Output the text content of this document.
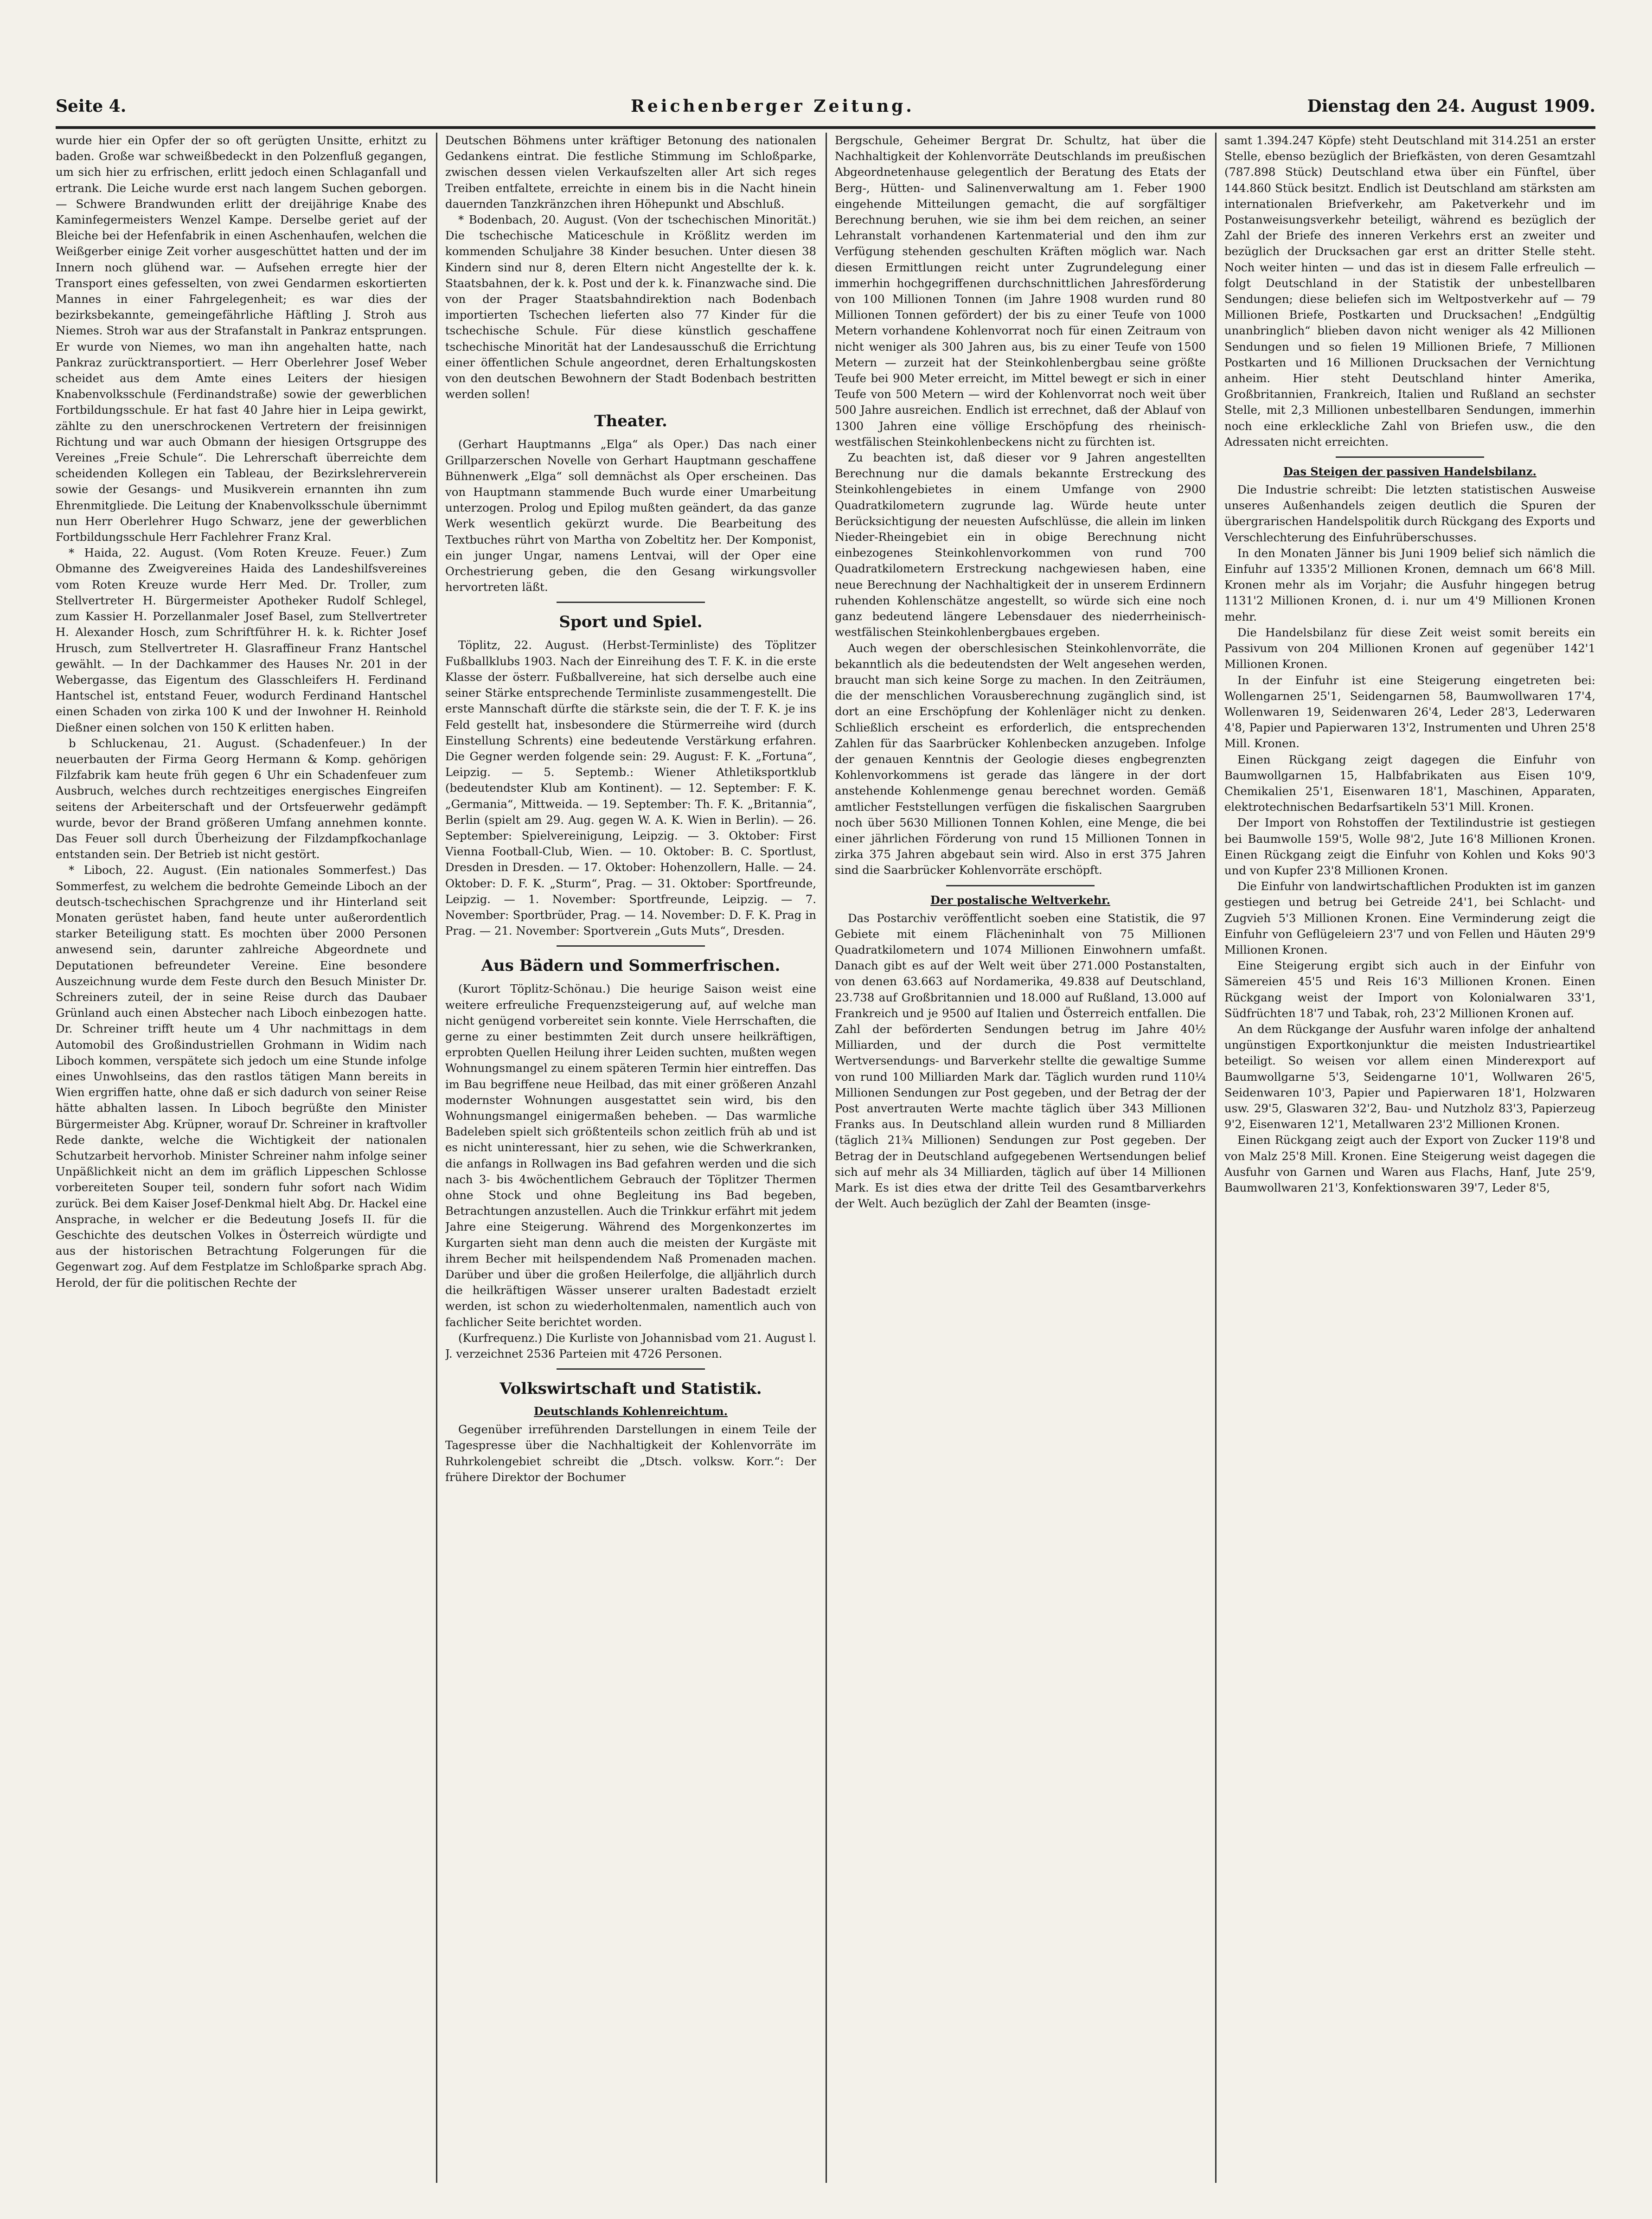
Seite 4.	Reichenberger Zeitung.	Dienstag den 24. August 1909.

wurde hier ein Opfer der so oft gerügten Unsitte, erhitzt zu baden. Große war schweißbedeckt in den Polzenfluß gegangen, um sich hier zu erfrischen, erlitt jedoch einen Schlaganfall und ertrank. Die Leiche wurde erst nach langem Suchen geborgen. — Schwere Brandwunden erlitt der dreijährige Knabe des Kaminfegermeisters Wenzel Kampe. Derselbe geriet auf der Bleiche bei der Hefenfabrik in einen Aschenhaufen, welchen die Weißgerber einige Zeit vorher ausgeschüttet hatten und der im Innern noch glühend war. — Aufsehen erregte hier der Transport eines gefesselten, von zwei Gendarmen eskortierten Mannes in einer Fahrgelegenheit; es war dies der bezirksbekannte, gemeingefährliche Häftling J. Stroh aus Niemes. Stroh war aus der Strafanstalt in Pankraz entsprungen. Er wurde von Niemes, wo man ihn angehalten hatte, nach Pankraz zurücktransportiert. — Herr Oberlehrer Josef Weber scheidet aus dem Amte eines Leiters der hiesigen Knabenvolksschule (Ferdinandstraße) sowie der gewerblichen Fortbildungsschule. Er hat fast 40 Jahre hier in Leipa gewirkt, zählte zu den unerschrockenen Vertretern der freisinnigen Richtung und war auch Obmann der hiesigen Ortsgruppe des Vereines „Freie Schule“. Die Lehrerschaft überreichte dem scheidenden Kollegen ein Tableau, der Bezirkslehrerverein sowie der Gesangs- und Musikverein ernannten ihn zum Ehrenmitgliede. Die Leitung der Knabenvolksschule übernimmt nun Herr Oberlehrer Hugo Schwarz, jene der gewerblichen Fortbildungsschule Herr Fachlehrer Franz Kral.

* Haida, 22. August. (Vom Roten Kreuze. Feuer.) Zum Obmanne des Zweigvereines Haida des Landeshilfsvereines vom Roten Kreuze wurde Herr Med. Dr. Troller, zum Stellvertreter H. Bürgermeister Apotheker Rudolf Schlegel, zum Kassier H. Porzellanmaler Josef Basel, zum Stellvertreter H. Alexander Hosch, zum Schriftführer H. k. k. Richter Josef Hrusch, zum Stellvertreter H. Glasraffineur Franz Hantschel gewählt. — In der Dachkammer des Hauses Nr. 201 in der Webergasse, das Eigentum des Glasschleifers H. Ferdinand Hantschel ist, entstand Feuer, wodurch Ferdinand Hantschel einen Schaden von zirka 100 K und der Inwohner H. Reinhold Dießner einen solchen von 150 K erlitten haben.

b Schluckenau, 21. August. (Schadenfeuer.) In der neuerbauten der Firma Georg Hermann & Komp. gehörigen Filzfabrik kam heute früh gegen 6 Uhr ein Schadenfeuer zum Ausbruch, welches durch rechtzeitiges energisches Eingreifen seitens der Arbeiterschaft und der Ortsfeuerwehr gedämpft wurde, bevor der Brand größeren Umfang annehmen konnte. Das Feuer soll durch Überheizung der Filzdampfkochanlage entstanden sein. Der Betrieb ist nicht gestört.

* Liboch, 22. August. (Ein nationales Sommerfest.) Das Sommerfest, zu welchem die bedrohte Gemeinde Liboch an der deutsch-tschechischen Sprachgrenze und ihr Hinterland seit Monaten gerüstet haben, fand heute unter außerordentlich starker Beteiligung statt. Es mochten über 2000 Personen anwesend sein, darunter zahlreiche Abgeordnete und Deputationen befreundeter Vereine. Eine besondere Auszeichnung wurde dem Feste durch den Besuch Minister Dr. Schreiners zuteil, der in seine Reise durch das Daubaer Grünland auch einen Abstecher nach Liboch einbezogen hatte. Dr. Schreiner trifft heute um 4 Uhr nachmittags in dem Automobil des Großindustriellen Grohmann in Widim nach Liboch kommen, verspätete sich jedoch um eine Stunde infolge eines Unwohlseins, das den rastlos tätigen Mann bereits in Wien ergriffen hatte, ohne daß er sich dadurch von seiner Reise hätte abhalten lassen. In Liboch begrüßte den Minister Bürgermeister Abg. Krüpner, worauf Dr. Schreiner in kraftvoller Rede dankte, welche die Wichtigkeit der nationalen Schutzarbeit hervorhob. Minister Schreiner nahm infolge seiner Unpäßlichkeit nicht an dem im gräflich Lippeschen Schlosse vorbereiteten Souper teil, sondern fuhr sofort nach Widim zurück. Bei dem Kaiser Josef-Denkmal hielt Abg. Dr. Hackel eine Ansprache, in welcher er die Bedeutung Josefs II. für die Geschichte des deutschen Volkes in Österreich würdigte und aus der historischen Betrachtung Folgerungen für die Gegenwart zog. Auf dem Festplatze im Schloßparke sprach Abg. Herold, der für die politischen Rechte der

Deutschen Böhmens unter kräftiger Betonung des nationalen Gedankens eintrat. Die festliche Stimmung im Schloßparke, zwischen dessen vielen Verkaufszelten aller Art sich reges Treiben entfaltete, erreichte in einem bis in die Nacht hinein dauernden Tanzkränzchen ihren Höhepunkt und Abschluß.

* Bodenbach, 20. August. (Von der tschechischen Minorität.) Die tschechische Maticeschule in Krößlitz werden im kommenden Schuljahre 38 Kinder besuchen. Unter diesen 38 Kindern sind nur 8, deren Eltern nicht Angestellte der k. k. Staatsbahnen, der k. k. Post und der k. k. Finanzwache sind. Die von der Prager Staatsbahndirektion nach Bodenbach importierten Tschechen lieferten also 77 Kinder für die tschechische Schule. Für diese künstlich geschaffene tschechische Minorität hat der Landesausschuß die Errichtung einer öffentlichen Schule angeordnet, deren Erhaltungskosten von den deutschen Bewohnern der Stadt Bodenbach bestritten werden sollen!

Theater.

(Gerhart Hauptmanns „Elga“ als Oper.) Das nach einer Grillparzerschen Novelle von Gerhart Hauptmann geschaffene Bühnenwerk „Elga“ soll demnächst als Oper erscheinen. Das von Hauptmann stammende Buch wurde einer Umarbeitung unterzogen. Prolog und Epilog mußten geändert, da das ganze Werk wesentlich gekürzt wurde. Die Bearbeitung des Textbuches rührt von Martha von Zobeltitz her. Der Komponist, ein junger Ungar, namens Lentvai, will der Oper eine Orchestrierung geben, die den Gesang wirkungsvoller hervortreten läßt.

Sport und Spiel.

Töplitz, 22. August. (Herbst-Terminliste) des Töplitzer Fußballklubs 1903. Nach der Einreihung des T. F. K. in die erste Klasse der österr. Fußballvereine, hat sich derselbe auch eine seiner Stärke entsprechende Terminliste zusammengestellt. Die erste Mannschaft dürfte die stärkste sein, die der T. F. K. je ins Feld gestellt hat, insbesondere die Stürmerreihe wird (durch Einstellung Schrents) eine bedeutende Verstärkung erfahren. Die Gegner werden folgende sein: 29. August: F. K. „Fortuna“, Leipzig. — 5. Septemb.: Wiener Athletiksportklub (bedeutendster Klub am Kontinent). — 12. September: F. K. „Germania“, Mittweida. — 19. September: Th. F. K. „Britannia“, Berlin (spielt am 29. Aug. gegen W. A. K. Wien in Berlin). — 26. September: Spielvereinigung, Leipzig. — 3. Oktober: First Vienna Football-Club, Wien. — 10. Oktober: B. C. Sportlust, Dresden in Dresden. — 17. Oktober: Hohenzollern, Halle. — 24. Oktober: D. F. K. „Sturm“, Prag. — 31. Oktober: Sportfreunde, Leipzig. — 1. November: Sportfreunde, Leipzig. — 7. November: Sportbrüder, Prag. — 14. November: D. F. K. Prag in Prag. — 21. November: Sportverein „Guts Muts“, Dresden.

Aus Bädern und Sommerfrischen.

(Kurort Töplitz-Schönau.) Die heurige Saison weist eine weitere erfreuliche Frequenzsteigerung auf, auf welche man nicht genügend vorbereitet sein konnte. Viele Herrschaften, die gerne zu einer bestimmten Zeit durch unsere heilkräftigen, erprobten Quellen Heilung ihrer Leiden suchten, mußten wegen Wohnungsmangel zu einem späteren Termin hier eintreffen. Das im Bau begriffene neue Heilbad, das mit einer größeren Anzahl modernster Wohnungen ausgestattet sein wird, bis den Wohnungsmangel einigermaßen beheben. — Das warmliche Badeleben spielt sich größtenteils schon zeitlich früh ab und ist es nicht uninteressant, hier zu sehen, wie die Schwerkranken, die anfangs in Rollwagen ins Bad gefahren werden und die sich nach 3- bis 4wöchentlichem Gebrauch der Töplitzer Thermen ohne Stock und ohne Begleitung ins Bad begeben, Betrachtungen anzustellen. Auch die Trinkkur erfährt mit jedem Jahre eine Steigerung. Während des Morgenkonzertes im Kurgarten sieht man denn auch die meisten der Kurgäste mit ihrem Becher mit heilspendendem Naß Promenaden machen. Darüber und über die großen Heilerfolge, die alljährlich durch die heilkräftigen Wässer unserer uralten Badestadt erzielt werden, ist schon zu wiederholtenmalen, namentlich auch von fachlicher Seite berichtet worden.

(Kurfrequenz.) Die Kurliste von Johannisbad vom 21. August l. J. verzeichnet 2536 Parteien mit 4726 Personen.

Volkswirtschaft und Statistik.
Deutschlands Kohlenreichtum.

Gegenüber irreführenden Darstellungen in einem Teile der Tagespresse über die Nachhaltigkeit der Kohlenvorräte im Ruhrkolengebiet schreibt die „Dtsch. volksw. Korr.“: Der frühere Direktor der Bochumer

Bergschule, Geheimer Bergrat Dr. Schultz, hat über die Nachhaltigkeit der Kohlenvorräte Deutschlands im preußischen Abgeordnetenhause gelegentlich der Beratung des Etats der Berg-, Hütten- und Salinenverwaltung am 1. Feber 1900 eingehende Mitteilungen gemacht, die auf sorgfältiger Berechnung beruhen, wie sie ihm bei dem reichen, an seiner Lehranstalt vorhandenen Kartenmaterial und den ihm zur Verfügung stehenden geschulten Kräften möglich war. Nach diesen Ermittlungen reicht unter Zugrundelegung einer immerhin hochgegriffenen durchschnittlichen Jahresförderung von 100 Millionen Tonnen (im Jahre 1908 wurden rund 80 Millionen Tonnen gefördert) der bis zu einer Teufe von 1000 Metern vorhandene Kohlenvorrat noch für einen Zeitraum von nicht weniger als 300 Jahren aus, bis zu einer Teufe von 1500 Metern — zurzeit hat der Steinkohlenbergbau seine größte Teufe bei 900 Meter erreicht, im Mittel bewegt er sich in einer Teufe von 500 Metern — wird der Kohlenvorrat noch weit über 500 Jahre ausreichen. Endlich ist errechnet, daß der Ablauf von 1300 Jahren eine völlige Erschöpfung des rheinisch-westfälischen Steinkohlenbeckens nicht zu fürchten ist.

Zu beachten ist, daß dieser vor 9 Jahren angestellten Berechnung nur die damals bekannte Erstreckung des Steinkohlengebietes in einem Umfange von 2900 Quadratkilometern zugrunde lag. Würde heute unter Berücksichtigung der neuesten Aufschlüsse, die allein im linken Nieder-Rheingebiet ein in obige Berechnung nicht einbezogenes Steinkohlenvorkommen von rund 700 Quadratkilometern Erstreckung nachgewiesen haben, eine neue Berechnung der Nachhaltigkeit der in unserem Erdinnern ruhenden Kohlenschätze angestellt, so würde sich eine noch ganz bedeutend längere Lebensdauer des niederrheinisch-westfälischen Steinkohlenbergbaues ergeben.

Auch wegen der oberschlesischen Steinkohlenvorräte, die bekanntlich als die bedeutendsten der Welt angesehen werden, braucht man sich keine Sorge zu machen. In den Zeiträumen, die der menschlichen Vorausberechnung zugänglich sind, ist dort an eine Erschöpfung der Kohlenläger nicht zu denken. Schließlich erscheint es erforderlich, die entsprechenden Zahlen für das Saarbrücker Kohlenbecken anzugeben. Infolge der genauen Kenntnis der Geologie dieses engbegrenzten Kohlenvorkommens ist gerade das längere in der dort anstehende Kohlenmenge genau berechnet worden. Gemäß amtlicher Feststellungen verfügen die fiskalischen Saargruben noch über 5630 Millionen Tonnen Kohlen, eine Menge, die bei einer jährlichen Förderung von rund 15 Millionen Tonnen in zirka 375 Jahren abgebaut sein wird. Also in erst 375 Jahren sind die Saarbrücker Kohlenvorräte erschöpft.

Der postalische Weltverkehr.

Das Postarchiv veröffentlicht soeben eine Statistik, die 97 Gebiete mit einem Flächeninhalt von 75 Millionen Quadratkilometern und 1074 Millionen Einwohnern umfaßt. Danach gibt es auf der Welt weit über 271.000 Postanstalten, von denen 63.663 auf Nordamerika, 49.838 auf Deutschland, 23.738 auf Großbritannien und 18.000 auf Rußland, 13.000 auf Frankreich und je 9500 auf Italien und Österreich entfallen. Die Zahl der beförderten Sendungen betrug im Jahre 40½ Milliarden, und der durch die Post vermittelte Wertversendungs- und Barverkehr stellte die gewaltige Summe von rund 100 Milliarden Mark dar. Täglich wurden rund 110¼ Millionen Sendungen zur Post gegeben, und der Betrag der der Post anvertrauten Werte machte täglich über 343 Millionen Franks aus. In Deutschland allein wurden rund 8 Milliarden (täglich 21¾ Millionen) Sendungen zur Post gegeben. Der Betrag der in Deutschland aufgegebenen Wertsendungen belief sich auf mehr als 34 Milliarden, täglich auf über 14 Millionen Mark. Es ist dies etwa der dritte Teil des Gesamtbarverkehrs der Welt. Auch bezüglich der Zahl der Beamten (insge-

samt 1.394.247 Köpfe) steht Deutschland mit 314.251 an erster Stelle, ebenso bezüglich der Briefkästen, von deren Gesamtzahl (787.898 Stück) Deutschland etwa über ein Fünftel, über 144.860 Stück besitzt. Endlich ist Deutschland am stärksten am internationalen Briefverkehr, am Paketverkehr und im Postanweisungsverkehr beteiligt, während es bezüglich der Zahl der Briefe des inneren Verkehrs erst an zweiter und bezüglich der Drucksachen gar erst an dritter Stelle steht. Noch weiter hinten — und das ist in diesem Falle erfreulich — folgt Deutschland in der Statistik der unbestellbaren Sendungen; diese beliefen sich im Weltpostverkehr auf — 79 Millionen Briefe, Postkarten und Drucksachen! „Endgültig unanbringlich“ blieben davon nicht weniger als 42 Millionen Sendungen und so fielen 19 Millionen Briefe, 7 Millionen Postkarten und 16 Millionen Drucksachen der Vernichtung anheim. Hier steht Deutschland hinter Amerika, Großbritannien, Frankreich, Italien und Rußland an sechster Stelle, mit 2,3 Millionen unbestellbaren Sendungen, immerhin noch eine erkleckliche Zahl von Briefen usw., die den Adressaten nicht erreichten.

Das Steigen der passiven Handelsbilanz.

Die Industrie schreibt: Die letzten statistischen Ausweise unseres Außenhandels zeigen deutlich die Spuren der übergrarischen Handelspolitik durch Rückgang des Exports und Verschlechterung des Einfuhrüberschusses.

In den Monaten Jänner bis Juni 1909 belief sich nämlich die Einfuhr auf 1335'2 Millionen Kronen, demnach um 66'8 Mill. Kronen mehr als im Vorjahr; die Ausfuhr hingegen betrug 1131'2 Millionen Kronen, d. i. nur um 4'9 Millionen Kronen mehr.

Die Handelsbilanz für diese Zeit weist somit bereits ein Passivum von 204 Millionen Kronen auf gegenüber 142'1 Millionen Kronen.

In der Einfuhr ist eine Steigerung eingetreten bei: Wollengarnen 25'1, Seidengarnen 58, Baumwollwaren 17'4, Wollenwaren 19, Seidenwaren 26'4, Leder 28'3, Lederwaren 4'8, Papier und Papierwaren 13'2, Instrumenten und Uhren 25'8 Mill. Kronen.

Einen Rückgang zeigt dagegen die Einfuhr von Baumwollgarnen 15, Halbfabrikaten aus Eisen 10'9, Chemikalien 25'1, Eisenwaren 18'1, Maschinen, Apparaten, elektrotechnischen Bedarfsartikeln 53'1 Mill. Kronen.

Der Import von Rohstoffen der Textilindustrie ist gestiegen bei Baumwolle 159'5, Wolle 98'2, Jute 16'8 Millionen Kronen. Einen Rückgang zeigt die Einfuhr von Kohlen und Koks 90'3 und von Kupfer 23'8 Millionen Kronen.

Die Einfuhr von landwirtschaftlichen Produkten ist im ganzen gestiegen und betrug bei Getreide 24'1, bei Schlacht- und Zugvieh 5'3 Millionen Kronen. Eine Verminderung zeigt die Einfuhr von Geflügeleiern 23'7 und von Fellen und Häuten 29'9 Millionen Kronen.

Eine Steigerung ergibt sich auch in der Einfuhr von Sämereien 45'5 und Reis 16'3 Millionen Kronen. Einen Rückgang weist der Import von Kolonialwaren 33'1, Südfrüchten 18'7 und Tabak, roh, 23'2 Millionen Kronen auf.

An dem Rückgange der Ausfuhr waren infolge der anhaltend ungünstigen Exportkonjunktur die meisten Industrieartikel beteiligt. So weisen vor allem einen Minderexport auf Baumwollgarne 5'3, Seidengarne 10'1, Wollwaren 26'5, Seidenwaren 10'3, Papier und Papierwaren 18'1, Holzwaren usw. 29'5, Glaswaren 32'2, Bau- und Nutzholz 83'3, Papierzeug 9'2, Eisenwaren 12'1, Metallwaren 23'2 Millionen Kronen.

Einen Rückgang zeigt auch der Export von Zucker 119'8 und von Malz 25'8 Mill. Kronen. Eine Steigerung weist dagegen die Ausfuhr von Garnen und Waren aus Flachs, Hanf, Jute 25'9, Baumwollwaren 21'3, Konfektionswaren 39'7, Leder 8'5,
